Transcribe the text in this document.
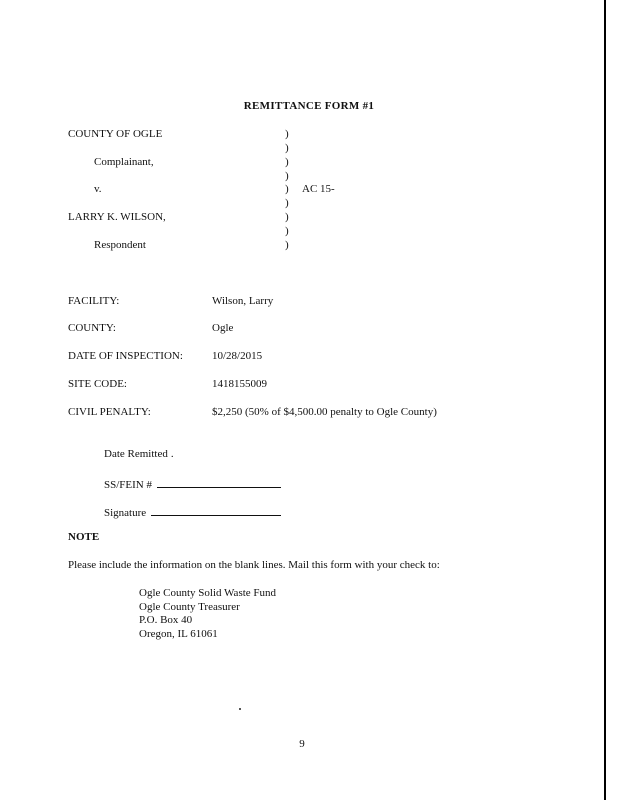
REMITTANCE FORM #1
COUNTY OF OGLE
Complainant,
v.
LARRY K. WILSON,
Respondent
AC 15-
)
)
)
)
)
)
)
)
)
FACILITY:	Wilson, Larry
COUNTY:	Ogle
DATE OF INSPECTION:	10/28/2015
SITE CODE:	1418155009
CIVIL PENALTY:	$2,250 (50% of $4,500.00 penalty to Ogle County)
Date Remitted .
SS/FEIN #
Signature
NOTE
Please include the information on the blank lines. Mail this form with your check to:
Ogle County Solid Waste Fund
Ogle County Treasurer
P.O. Box 40
Oregon, IL 61061
9
